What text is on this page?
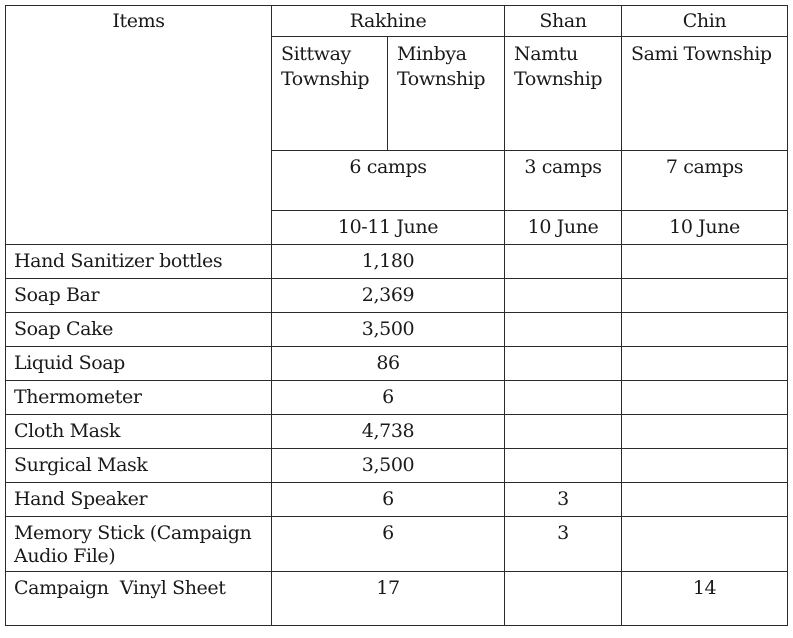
Items	Rakhine		Shan	Chin
	Sittway Township	Minbya Township	Namtu Township	Sami Township
	6 camps		3 camps	7 camps
	10-11 June		10 June	10 June
Hand Sanitizer bottles	1,180			
Soap Bar	2,369			
Soap Cake	3,500			
Liquid Soap	86			
Thermometer	6			
Cloth Mask	4,738			
Surgical Mask	3,500			
Hand Speaker	6		3	
Memory Stick (Campaign Audio File)	6		3	
Campaign  Vinyl Sheet	17			14
